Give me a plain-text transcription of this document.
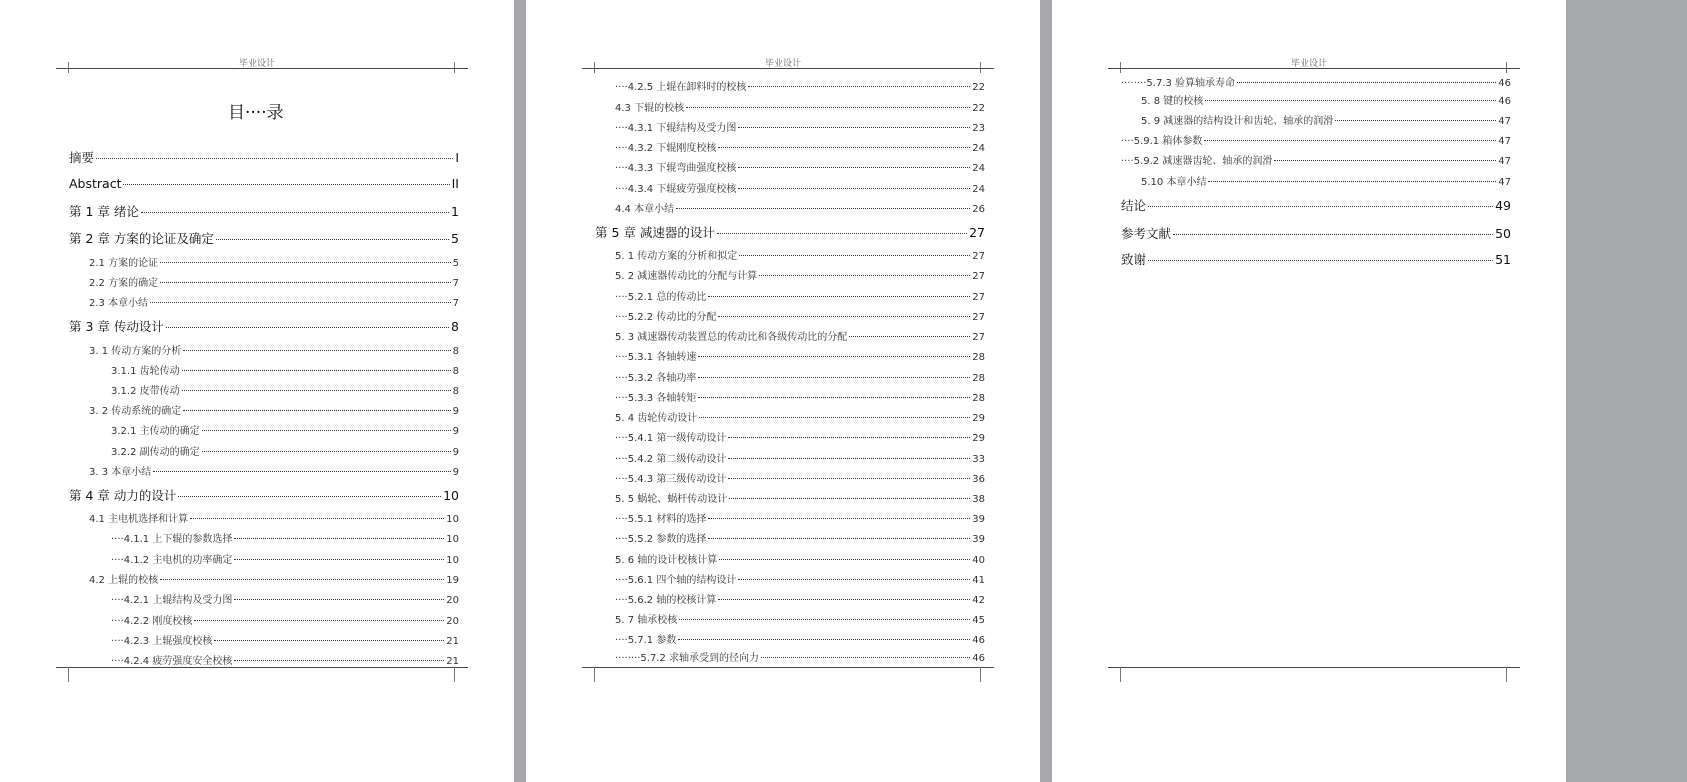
毕业设计
目····录
摘要	I
Abstract	II
第 1 章 绪论	1
第 2 章 方案的论证及确定	5
2.1 方案的论证	5
2.2 方案的确定	7
2.3 本章小结	7
第 3 章 传动设计	8
3. 1 传动方案的分析	8
3.1.1 齿轮传动	8
3.1.2 皮带传动	8
3. 2 传动系统的确定	9
3.2.1 主传动的确定	9
3.2.2 副传动的确定	9
3. 3 本章小结	9
第 4 章 动力的设计	10
4.1 主电机选择和计算	10
····4.1.1 上下辊的参数选择	10
····4.1.2 主电机的功率确定	10
4.2 上辊的校核	19
····4.2.1 上辊结构及受力图	20
····4.2.2 刚度校核	20
····4.2.3 上辊强度校核	21
····4.2.4 疲劳强度安全校核	21
毕业设计
····4.2.5 上辊在卸料时的校核	22
4.3 下辊的校核	22
····4.3.1 下辊结构及受力图	23
····4.3.2 下辊刚度校核	24
····4.3.3 下辊弯曲强度校核	24
····4.3.4 下辊疲劳强度校核	24
4.4 本章小结	26
第 5 章 减速器的设计	27
5. 1 传动方案的分析和拟定	27
5. 2 减速器传动比的分配与计算	27
····5.2.1 总的传动比	27
····5.2.2 传动比的分配	27
5. 3 减速器传动装置总的传动比和各级传动比的分配	27
····5.3.1 各轴转速	28
····5.3.2 各轴功率	28
····5.3.3 各轴转矩	28
5. 4 齿轮传动设计	29
····5.4.1 第一级传动设计	29
····5.4.2 第二级传动设计	33
····5.4.3 第三级传动设计	36
5. 5 蜗轮、蜗杆传动设计	38
····5.5.1 材料的选择	39
····5.5.2 参数的选择	39
5. 6 轴的设计校核计算	40
····5.6.1 四个轴的结构设计	41
····5.6.2 轴的校核计算	42
5. 7 轴承校核	45
····5.7.1 参数	46
········5.7.2 求轴承受到的径向力	46
毕业设计
········5.7.3 验算轴承寿命	46
5. 8 键的校核	46
5. 9 减速器的结构设计和齿轮、轴承的润滑	47
····5.9.1 箱体参数	47
····5.9.2 减速器齿轮、轴承的润滑	47
5.10 本章小结	47
结论	49
参考文献	50
致谢	51
